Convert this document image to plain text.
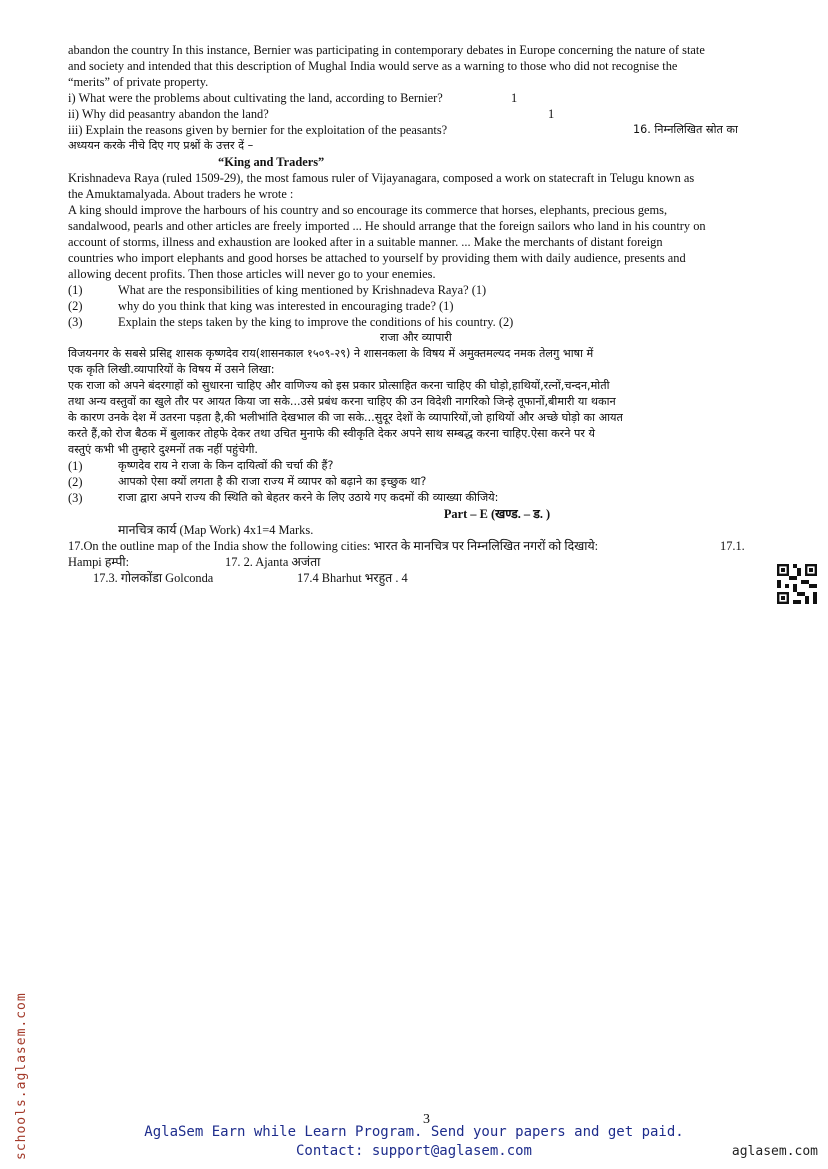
abandon the country In this instance, Bernier was participating in contemporary debates in Europe concerning the nature of state

and society and intended that this description of Mughal India would serve as a warning to those who did not recognise the

“merits” of private property.

i) What were the problems about cultivating the land, according to Bernier?	1
ii) Why did peasantry abandon the land?	1
iii) Explain the reasons given by bernier for the exploitation of the peasants?	16. निम्नलिखित स्रोत का

अध्ययन करके नीचे दिए गए प्रश्नों के उत्तर दें –

“King and Traders”

Krishnadeva Raya (ruled 1509-29), the most famous ruler of Vijayanagara, composed a work on statecraft in Telugu known as

the Amuktamalyada. About traders he wrote :

A king should improve the harbours of his country and so encourage its commerce that horses, elephants, precious gems,

sandalwood, pearls and other articles are freely imported ... He should arrange that the foreign sailors who land in his country on

account of storms, illness and exhaustion are looked after in a suitable manner. ... Make the merchants of distant foreign

countries who import elephants and good horses be attached to yourself by providing them with daily audience, presents and

allowing decent profits. Then those articles will never go to your enemies.

(1)	What are the responsibilities of king mentioned by Krishnadeva Raya? (1)
(2)	why do you think that king was interested in encouraging trade? (1)
(3)	Explain the steps taken by the king to improve the conditions of his country. (2)

राजा और व्यापारी

विजयनगर के सबसे प्रसिद्द शासक कृष्णदेव राय(शासनकाल १५०९-२९) ने शासनकला के विषय में अमुक्तमल्यद नमक तेलगु भाषा में

एक कृति लिखी.व्यापारियों के विषय में उसने लिखा:

एक राजा को अपने बंदरगाहों को सुधारना चाहिए और वाणिज्य को इस प्रकार प्रोत्साहित करना चाहिए की घोड़ो,हाथियों,रत्नों,चन्दन,मोती

तथा अन्य वस्तुवों का खुले तौर पर आयत किया जा सके...उसे प्रबंध करना चाहिए की उन विदेशी नागरिको जिन्हे तूफानों,बीमारी या थकान

के कारण उनके देश में उतरना पड़ता है,की भलीभांति देखभाल की जा सके...सुदूर देशों के व्यापारियों,जो हाथियों और अच्छे घोड़ो का आयत

करते हैं,को रोज बैठक में बुलाकर तोहफे देकर तथा उचित मुनाफे की स्वीकृति देकर अपने साथ सम्बद्ध करना चाहिए.ऐसा करने पर ये

वस्तुएं कभी भी तुम्हारे दुश्मनों तक नहीं पहुंचेगी.

(1)	कृष्णदेव राय ने राजा के किन दायित्वों की चर्चा की हैं?
(2)	आपको ऐसा क्यों लगता है की राजा राज्य में व्यापर को बढ़ाने का इच्छुक था?
(3)	राजा द्वारा अपने राज्य की स्थिति को बेहतर करने के लिए उठाये गए कदमों की व्याख्या कीजिये:

Part – E (खण्ड. – ड. )

मानचित्र कार्य (Map Work) 4x1=4 Marks.

17.On the outline map of the India show the following cities: भारत के मानचित्र पर निम्नलिखित नगरों को दिखाये:	17.1.
Hampi हम्पी:	17. 2. Ajanta अजंता
17.3. गोलकोंडा Golconda	17.4 Bharhut भरहुत . 4
schools.aglasem.com	3
AglaSem Earn while Learn Program. Send your papers and get paid.
Contact: support@aglasem.com	aglasem.com
